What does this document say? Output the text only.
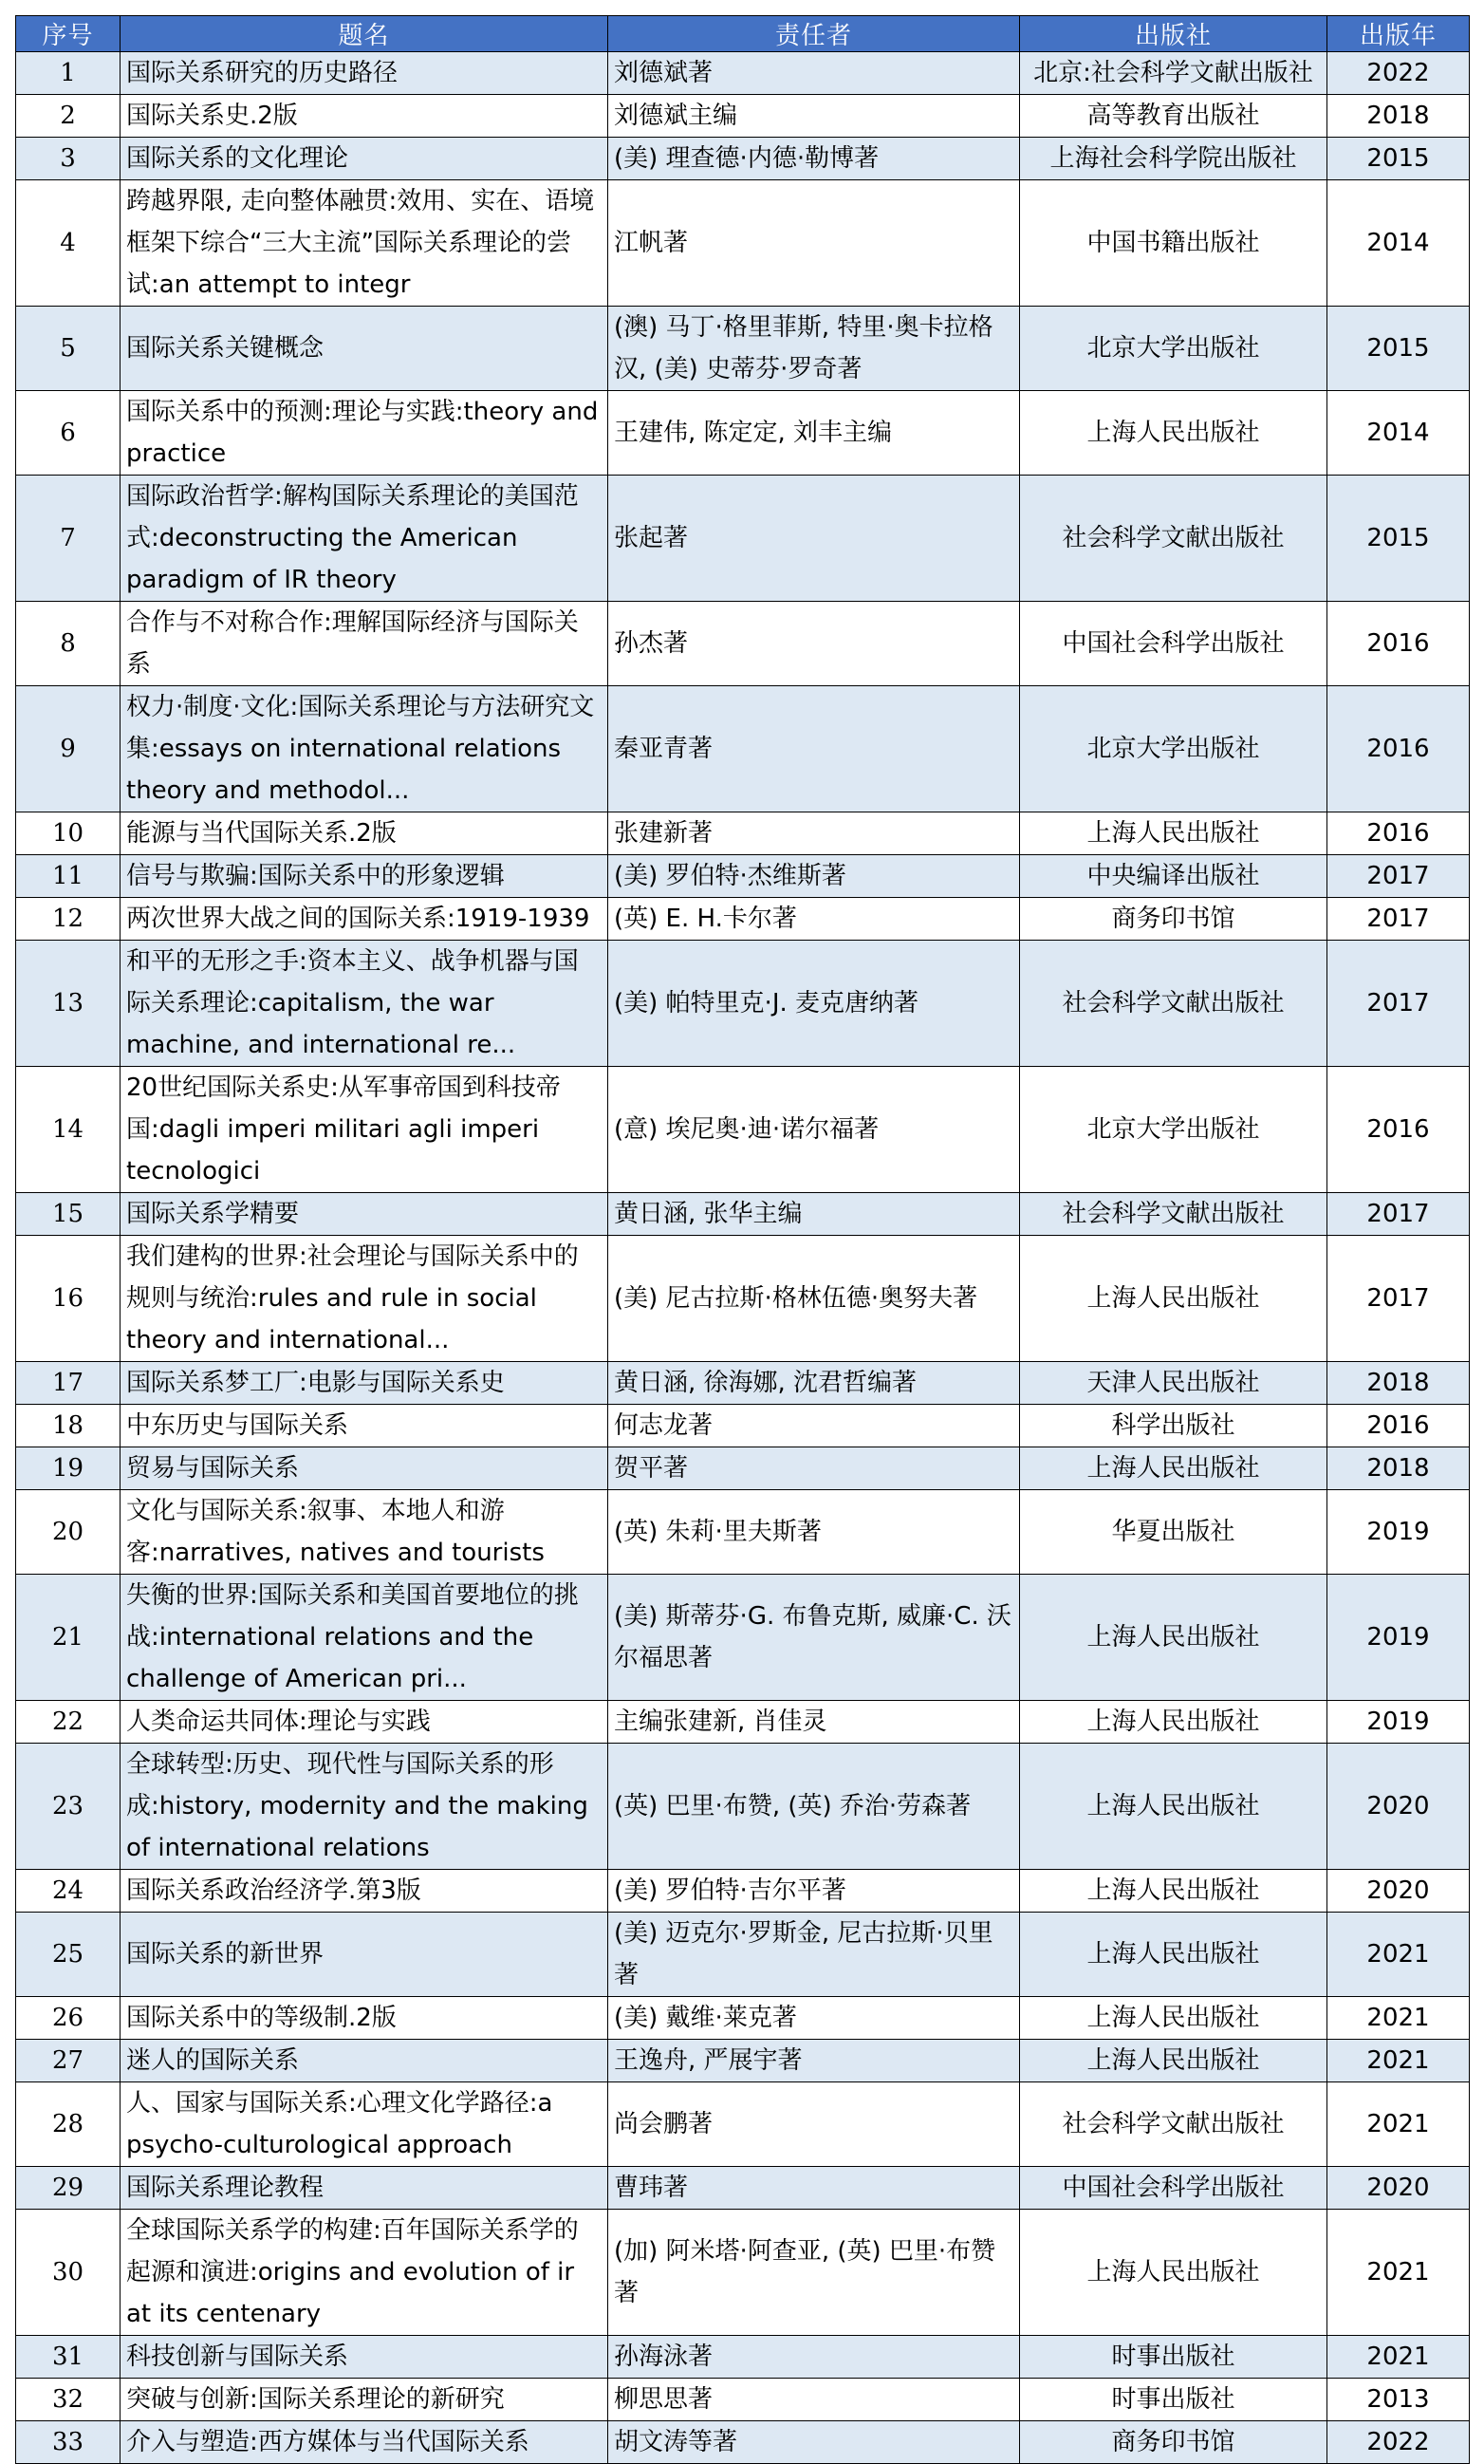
序号	题名	责任者	出版社	出版年
1	国际关系研究的历史路径	刘德斌著	北京:社会科学文献出版社	2022
2	国际关系史.2版	刘德斌主编	高等教育出版社	2018
3	国际关系的文化理论	(美) 理查德·内德·勒博著	上海社会科学院出版社	2015
4	跨越界限, 走向整体融贯:效用、实在、语境框架下综合“三大主流”国际关系理论的尝试:an attempt to integr	江帆著	中国书籍出版社	2014
5	国际关系关键概念	(澳) 马丁·格里菲斯, 特里·奥卡拉格汉, (美) 史蒂芬·罗奇著	北京大学出版社	2015
6	国际关系中的预测:理论与实践:theory and practice	王建伟, 陈定定, 刘丰主编	上海人民出版社	2014
7	国际政治哲学:解构国际关系理论的美国范式:deconstructing the American paradigm of IR theory	张起著	社会科学文献出版社	2015
8	合作与不对称合作:理解国际经济与国际关系	孙杰著	中国社会科学出版社	2016
9	权力·制度·文化:国际关系理论与方法研究文集:essays on international relations theory and methodol...	秦亚青著	北京大学出版社	2016
10	能源与当代国际关系.2版	张建新著	上海人民出版社	2016
11	信号与欺骗:国际关系中的形象逻辑	(美) 罗伯特·杰维斯著	中央编译出版社	2017
12	两次世界大战之间的国际关系:1919-1939	(英) E. H.卡尔著	商务印书馆	2017
13	和平的无形之手:资本主义、战争机器与国际关系理论:capitalism, the war machine, and international re...	(美) 帕特里克·J. 麦克唐纳著	社会科学文献出版社	2017
14	20世纪国际关系史:从军事帝国到科技帝国:dagli imperi militari agli imperi tecnologici	(意) 埃尼奥·迪·诺尔福著	北京大学出版社	2016
15	国际关系学精要	黄日涵, 张华主编	社会科学文献出版社	2017
16	我们建构的世界:社会理论与国际关系中的规则与统治:rules and rule in social theory and international...	(美) 尼古拉斯·格林伍德·奥努夫著	上海人民出版社	2017
17	国际关系梦工厂:电影与国际关系史	黄日涵, 徐海娜, 沈君哲编著	天津人民出版社	2018
18	中东历史与国际关系	何志龙著	科学出版社	2016
19	贸易与国际关系	贺平著	上海人民出版社	2018
20	文化与国际关系:叙事、本地人和游客:narratives, natives and tourists	(英) 朱莉·里夫斯著	华夏出版社	2019
21	失衡的世界:国际关系和美国首要地位的挑战:international relations and the challenge of American pri...	(美) 斯蒂芬·G. 布鲁克斯, 威廉·C. 沃尔福思著	上海人民出版社	2019
22	人类命运共同体:理论与实践	主编张建新, 肖佳灵	上海人民出版社	2019
23	全球转型:历史、现代性与国际关系的形成:history, modernity and the making of international relations	(英) 巴里·布赞, (英) 乔治·劳森著	上海人民出版社	2020
24	国际关系政治经济学.第3版	(美) 罗伯特·吉尔平著	上海人民出版社	2020
25	国际关系的新世界	(美) 迈克尔·罗斯金, 尼古拉斯·贝里著	上海人民出版社	2021
26	国际关系中的等级制.2版	(美) 戴维·莱克著	上海人民出版社	2021
27	迷人的国际关系	王逸舟, 严展宇著	上海人民出版社	2021
28	人、国家与国际关系:心理文化学路径:a psycho-culturological approach	尚会鹏著	社会科学文献出版社	2021
29	国际关系理论教程	曹玮著	中国社会科学出版社	2020
30	全球国际关系学的构建:百年国际关系学的起源和演进:origins and evolution of ir at its centenary	(加) 阿米塔·阿查亚, (英) 巴里·布赞著	上海人民出版社	2021
31	科技创新与国际关系	孙海泳著	时事出版社	2021
32	突破与创新:国际关系理论的新研究	柳思思著	时事出版社	2013
33	介入与塑造:西方媒体与当代国际关系	胡文涛等著	商务印书馆	2022
